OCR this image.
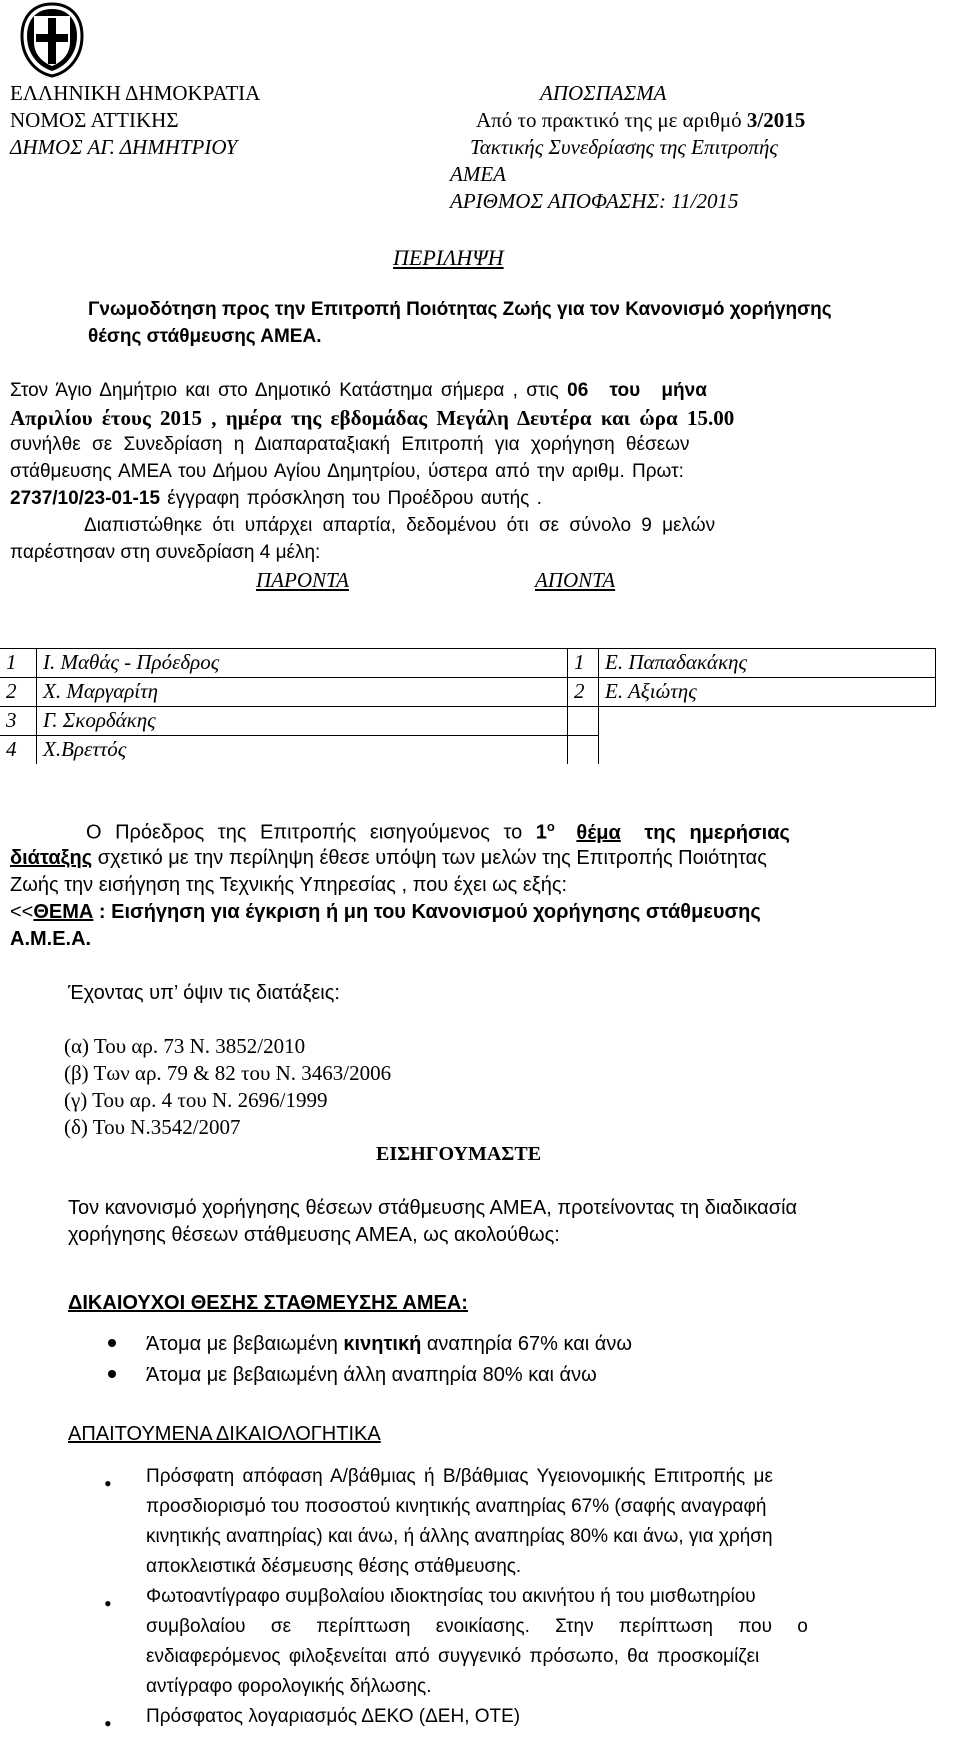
ΕΛΛΗΝΙΚΗ ΔΗΜΟΚΡΑΤΙΑ
ΝΟΜΟΣ ΑΤΤΙΚΗΣ
ΔΗΜΟΣ ΑΓ. ΔΗΜΗΤΡΙΟΥ
ΑΠΟΣΠΑΣΜΑ
Από το πρακτικό της με αριθμό 3/2015
Τακτικής Συνεδρίασης της Επιτροπής
ΑΜΕΑ
ΑΡΙΘΜΟΣ ΑΠΟΦΑΣΗΣ: 11/2015
ΠΕΡΙΛΗΨΗ
Γνωμοδότηση προς την Επιτροπή Ποιότητας Ζωής για τον Κανονισμό χορήγησης
θέσης στάθμευσης ΑΜΕΑ.
Στον Άγιο Δημήτριο και στο Δημοτικό Κατάστημα σήμερα , στις 06 του μήνα
Απριλίου έτους 2015 , ημέρα της εβδομάδας Μεγάλη Δευτέρα και ώρα 15.00
συνήλθε σε Συνεδρίαση η Διαπαραταξιακή Επιτροπή για χορήγηση θέσεων
στάθμευσης ΑΜΕΑ του Δήμου Αγίου Δημητρίου, ύστερα από την αριθμ. Πρωτ:
2737/10/23-01-15 έγγραφη πρόσκληση του Προέδρου αυτής .
Διαπιστώθηκε ότι υπάρχει απαρτία, δεδομένου ότι σε σύνολο 9 μελών
παρέστησαν στη συνεδρίαση 4 μέλη:
ΠΑΡΟΝΤΑ	ΑΠΟΝΤΑ
1	Ι. Μαθάς - Πρόεδρος	1	Ε. Παπαδακάκης
2	Χ. Μαργαρίτη	2	Ε. Αξιώτης
3	Γ. Σκορδάκης		
4	Χ.Βρεττός		
Ο Πρόεδρος της Επιτροπής εισηγούμενος το $1^o$ θέμα της ημερήσιας
διάταξης σχετικό με την περίληψη έθεσε υπόψη των μελών της Επιτροπής Ποιότητας
Ζωής την εισήγηση της Τεχνικής Υπηρεσίας , που έχει ως εξής:
<<ΘΕΜΑ : Εισήγηση για έγκριση ή μη του Κανονισμού χορήγησης στάθμευσης
Α.Μ.Ε.Α.
Έχοντας υπ’ όψιν τις διατάξεις:
(α) Του αρ. 73 Ν. 3852/2010
(β) Των αρ. 79 & 82 του Ν. 3463/2006
(γ) Του αρ. 4 του Ν. 2696/1999
(δ) Του Ν.3542/2007
ΕΙΣΗΓΟΥΜΑΣΤΕ
Τον κανονισμό χορήγησης θέσεων στάθμευσης ΑΜΕΑ, προτείνοντας τη διαδικασία
χορήγησης θέσεων στάθμευσης ΑΜΕΑ, ως ακολούθως:
ΔΙΚΑΙΟΥΧΟΙ ΘΕΣΗΣ ΣΤΑΘΜΕΥΣΗΣ ΑΜΕΑ:
Άτομα με βεβαιωμένη κινητική αναπηρία 67% και άνω
Άτομα με βεβαιωμένη άλλη αναπηρία 80% και άνω
ΑΠΑΙΤΟΥΜΕΝΑ ΔΙΚΑΙΟΛΟΓΗΤΙΚΑ
• Πρόσφατη απόφαση Α/βάθμιας ή Β/βάθμιας Υγειονομικής Επιτροπής με
προσδιορισμό του ποσοστού κινητικής αναπηρίας 67% (σαφής αναγραφή
κινητικής αναπηρίας) και άνω, ή άλλης αναπηρίας 80% και άνω, για χρήση
αποκλειστικά δέσμευσης θέσης στάθμευσης.
• Φωτοαντίγραφο συμβολαίου ιδιοκτησίας του ακινήτου ή του μισθωτηρίου
συμβολαίου σε περίπτωση ενοικίασης. Στην περίπτωση που ο
ενδιαφερόμενος φιλοξενείται από συγγενικό πρόσωπο, θα προσκομίζει
αντίγραφο φορολογικής δήλωσης.
• Πρόσφατος λογαριασμός ΔΕΚΟ (ΔΕΗ, ΟΤΕ)
